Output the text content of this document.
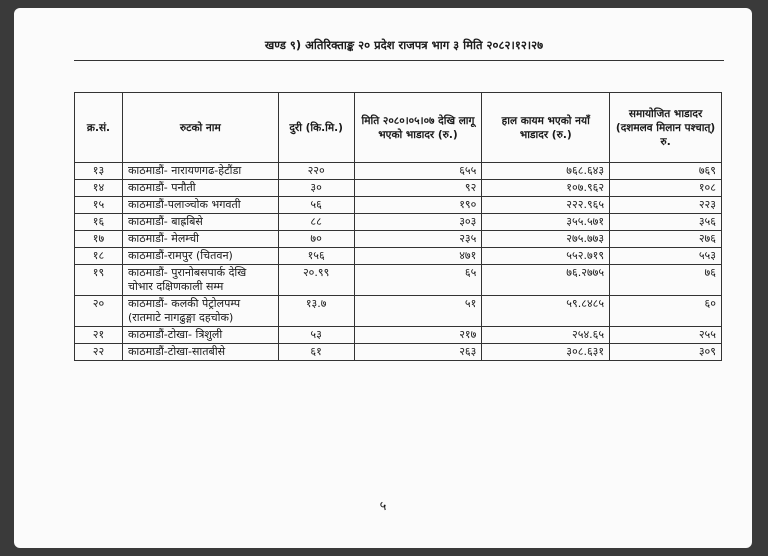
खण्ड ९) अतिरिक्ताङ्क २० प्रदेश राजपत्र भाग ३ मिति २०८२।१२।२७
क्र.सं.	रुटको नाम	दुरी (कि.मि.)	मिति २०८०।०५।०७ देखि लागू भएको भाडादर (रु.)	हाल कायम भएको नयाँ भाडादर (रु.)	समायोजित भाडादर (दशमलव मिलान पश्चात्) रु.
१३	काठमाडौं- नारायणगढ-हेटौंडा	२२०	६५५	७६८.६४३	७६९
१४	काठमाडौं- पनौती	३०	९२	१०७.९६२	१०८
१५	काठमाडौं-पलाञ्चोक भगवती	५६	१९०	२२२.९६५	२२३
१६	काठमाडौं- बाह्रबिसे	८८	३०३	३५५.५७१	३५६
१७	काठमाडौं- मेलम्ची	७०	२३५	२७५.७७३	२७६
१८	काठमाडौं-रामपुर (चितवन)	१५६	४७१	५५२.७१९	५५३
१९	काठमाडौं- पुरानोबसपार्क देखि चोभार दक्षिणकाली सम्म	२०.९९	६५	७६.२७७५	७६
२०	काठमाडौं- कलकी पेट्रोलपम्प (रातमाटे नागढुङ्गा दहचोक)	१३.७	५१	५९.८४८५	६०
२१	काठमाडौं-टोखा- त्रिशुली	५३	२१७	२५४.६५	२५५
२२	काठमाडौं-टोखा-सातबीसे	६१	२६३	३०८.६३१	३०९
५
